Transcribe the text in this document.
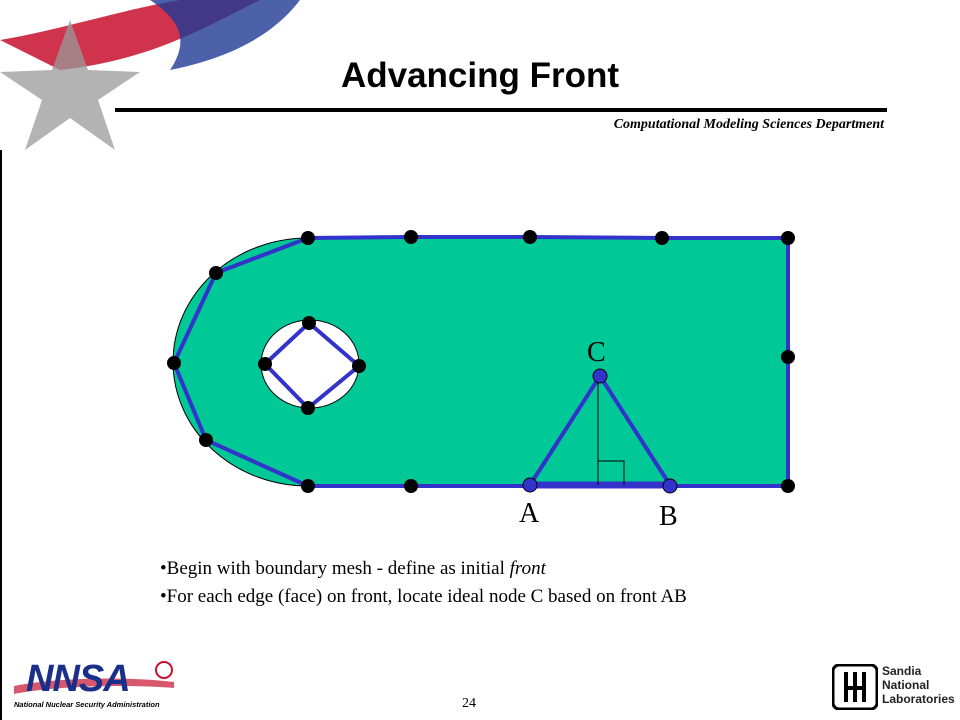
Advancing Front
Computational Modeling Sciences Department
C
A	B
•Begin with boundary mesh - define as initial front
•For each edge (face) on front, locate ideal node C based on front AB
24
NNSA
National Nuclear Security Administration
Sandia
National
Laboratories
